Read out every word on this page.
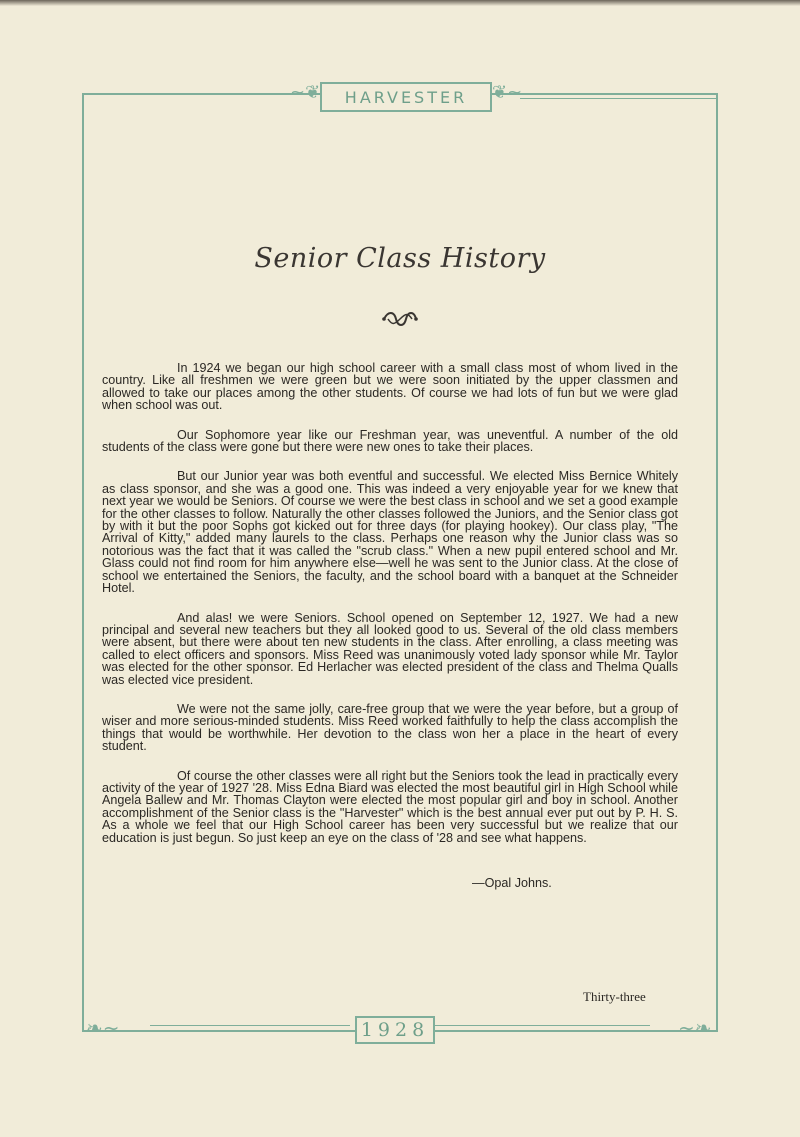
~❦	HARVESTER	❦~
❧~	~❧
1928
Senior Class History

In 1924 we began our high school career with a small class most of whom lived in the country. Like all freshmen we were green but we were soon initiated by the upper classmen and allowed to take our places among the other students. Of course we had lots of fun but we were glad when school was out.

Our Sophomore year like our Freshman year, was uneventful. A number of the old students of the class were gone but there were new ones to take their places.

But our Junior year was both eventful and successful. We elected Miss Bernice Whitely as class sponsor, and she was a good one. This was indeed a very enjoyable year for we knew that next year we would be Seniors. Of course we were the best class in school and we set a good example for the other classes to follow. Naturally the other classes followed the Juniors, and the Senior class got by with it but the poor Sophs got kicked out for three days (for playing hookey). Our class play, "The Arrival of Kitty," added many laurels to the class. Perhaps one reason why the Junior class was so notorious was the fact that it was called the "scrub class." When a new pupil entered school and Mr. Glass could not find room for him anywhere else—well he was sent to the Junior class. At the close of school we entertained the Seniors, the faculty, and the school board with a banquet at the Schneider Hotel.

And alas! we were Seniors. School opened on September 12, 1927. We had a new principal and several new teachers but they all looked good to us. Several of the old class members were absent, but there were about ten new students in the class. After enrolling, a class meeting was called to elect officers and sponsors. Miss Reed was unanimously voted lady sponsor while Mr. Taylor was elected for the other sponsor. Ed Herlacher was elected president of the class and Thelma Qualls was elected vice president.

We were not the same jolly, care-free group that we were the year before, but a group of wiser and more serious-minded students. Miss Reed worked faithfully to help the class accomplish the things that would be worthwhile. Her devotion to the class won her a place in the heart of every student.

Of course the other classes were all right but the Seniors took the lead in practically every activity of the year of 1927 '28. Miss Edna Biard was elected the most beautiful girl in High School while Angela Ballew and Mr. Thomas Clayton were elected the most popular girl and boy in school. Another accomplishment of the Senior class is the "Harvester" which is the best annual ever put out by P. H. S. As a whole we feel that our High School career has been very successful but we realize that our education is just begun. So just keep an eye on the class of '28 and see what happens.

—Opal Johns.
Thirty-three
